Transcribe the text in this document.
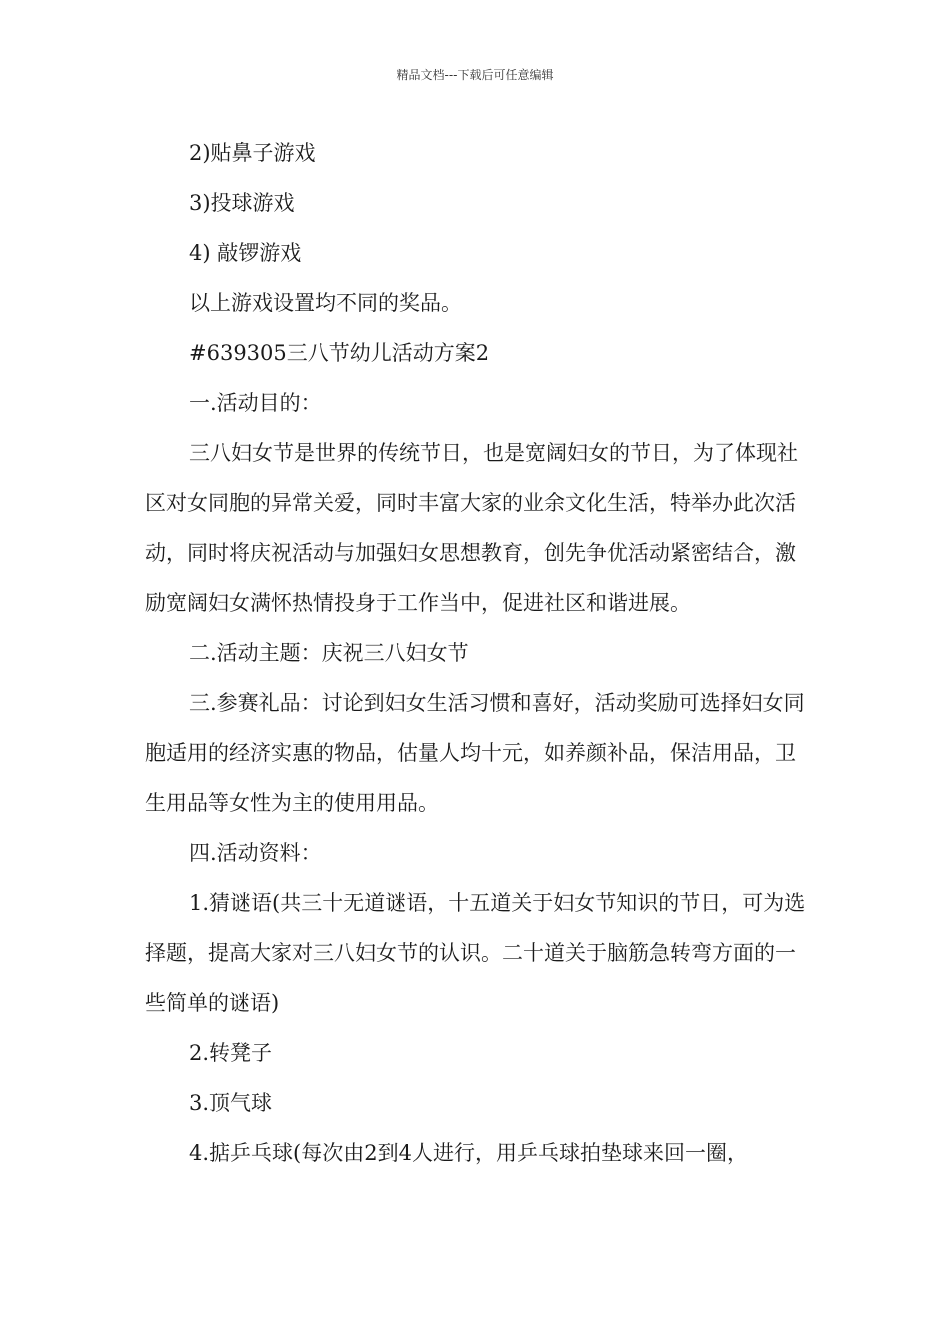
精品文档---下载后可任意编辑

2)贴鼻子游戏

3)投球游戏

4) 敲锣游戏

以上游戏设置均不同的奖品。

#639305三八节幼儿活动方案2

一.活动目的：

三八妇女节是世界的传统节日，也是宽阔妇女的节日，为了体现社区对女同胞的异常关爱，同时丰富大家的业余文化生活，特举办此次活动，同时将庆祝活动与加强妇女思想教育，创先争优活动紧密结合，激励宽阔妇女满怀热情投身于工作当中，促进社区和谐进展。

二.活动主题：庆祝三八妇女节

三.参赛礼品：讨论到妇女生活习惯和喜好，活动奖励可选择妇女同胞适用的经济实惠的物品，估量人均十元，如养颜补品，保洁用品，卫生用品等女性为主的使用用品。

四.活动资料：

1.猜谜语(共三十无道谜语，十五道关于妇女节知识的节日，可为选择题，提高大家对三八妇女节的认识。二十道关于脑筋急转弯方面的一些简单的谜语)

2.转凳子

3.顶气球

4.掂乒乓球(每次由2到4人进行，用乒乓球拍垫球来回一圈，
